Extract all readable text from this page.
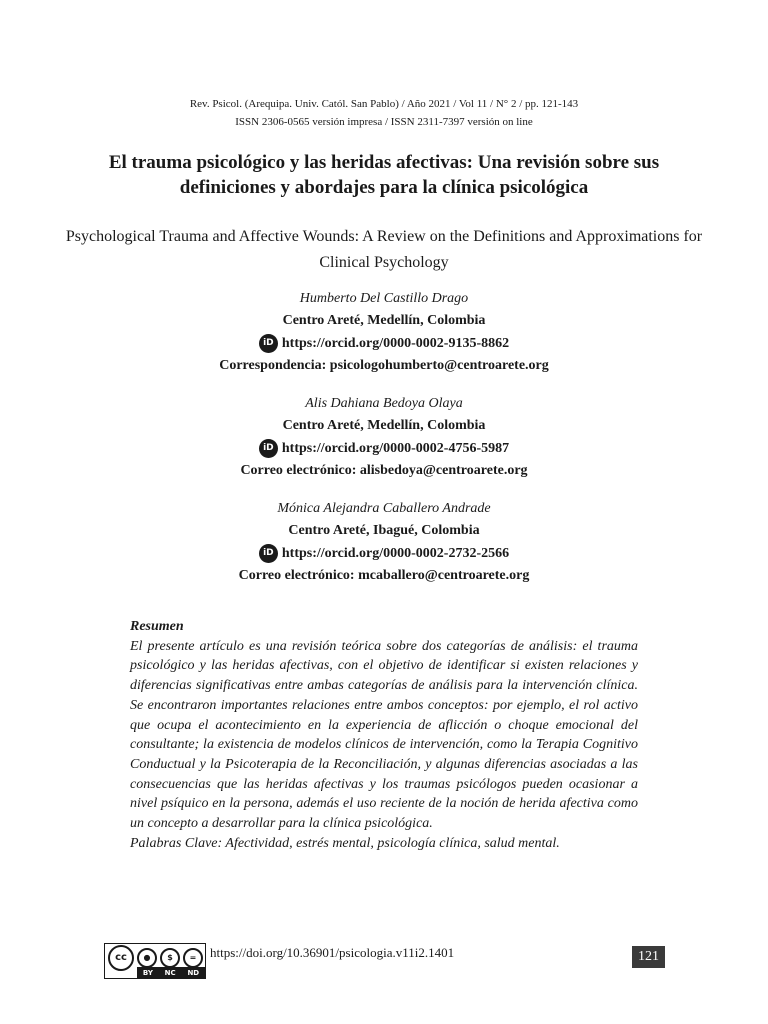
Rev. Psicol. (Arequipa. Univ. Catól. San Pablo) / Año 2021 / Vol 11 / N° 2 / pp. 121-143
ISSN 2306-0565 versión impresa / ISSN 2311-7397 versión on line
El trauma psicológico y las heridas afectivas: Una revisión sobre sus definiciones y abordajes para la clínica psicológica
Psychological Trauma and Affective Wounds: A Review on the Definitions and Approximations for Clinical Psychology
Humberto Del Castillo Drago
Centro Areté, Medellín, Colombia
iD https://orcid.org/0000-0002-9135-8862
Correspondencia: psicologohumberto@centroarete.org
Alis Dahiana Bedoya Olaya
Centro Areté, Medellín, Colombia
iD https://orcid.org/0000-0002-4756-5987
Correo electrónico: alisbedoya@centroarete.org
Mónica Alejandra Caballero Andrade
Centro Areté, Ibagué, Colombia
iD https://orcid.org/0000-0002-2732-2566
Correo electrónico: mcaballero@centroarete.org
Resumen
El presente artículo es una revisión teórica sobre dos categorías de análisis: el trauma psicológico y las heridas afectivas, con el objetivo de identificar si existen relaciones y diferencias significativas entre ambas categorías de análisis para la intervención clínica. Se encontraron importantes relaciones entre ambos conceptos: por ejemplo, el rol activo que ocupa el acontecimiento en la experiencia de aflicción o choque emocional del consultante; la existencia de modelos clínicos de intervención, como la Terapia Cognitivo Conductual y la Psicoterapia de la Reconciliación, y algunas diferencias asociadas a las consecuencias que las heridas afectivas y los traumas psicólogos pueden ocasionar a nivel psíquico en la persona, además el uso reciente de la noción de herida afectiva como un concepto a desarrollar para la clínica psicológica.
Palabras Clave: Afectividad, estrés mental, psicología clínica, salud mental.
cc	●	$	=
BY NC ND
https://doi.org/10.36901/psicologia.v11i2.1401	121
